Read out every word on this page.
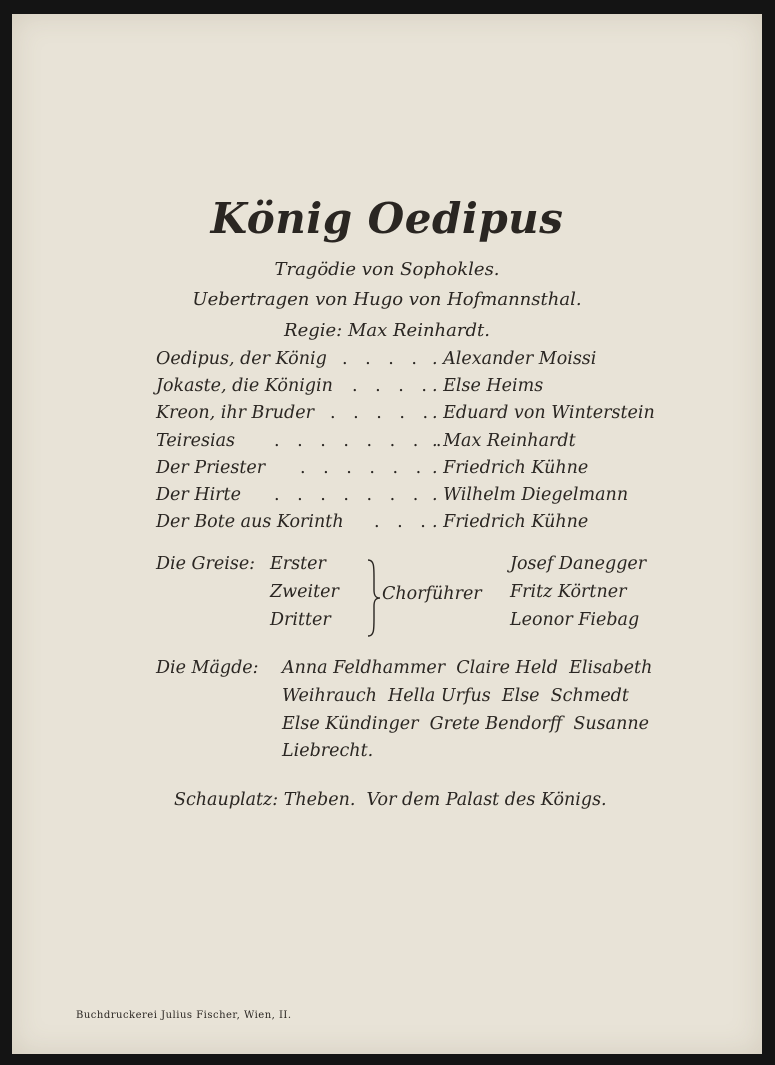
König Oedipus
Tragödie von Sophokles.
Uebertragen von Hugo von Hofmannsthal.
Regie: Max Reinhardt.
Oedipus, der König . . . . . Alexander Moissi
Jokaste, die Königin . . . . . Else Heims
Kreon, ihr Bruder . . . . .
. Eduard von Winterstein
Teiresias . . . . . . . .
. Max Reinhardt
Der Priester . . . . . . . Friedrich Kühne
Der Hirte . . . . . . . . Wilhelm Diegelmann
Der Bote aus Korinth . . . . Friedrich Kühne
Die Greise: Erster
Zweiter
Dritter
Chorführer
Josef Danegger
Fritz Körtner
Leonor Fiebag
Die Mägde: Anna Feldhammer  Claire Held  Elisabeth
Weihrauch  Hella Urfus  Else  Schmedt
Else Kündinger  Grete Bendorff  Susanne
Liebrecht.
Schauplatz: Theben.  Vor dem Palast des Königs.
Buchdruckerei Julius Fischer, Wien, II.
